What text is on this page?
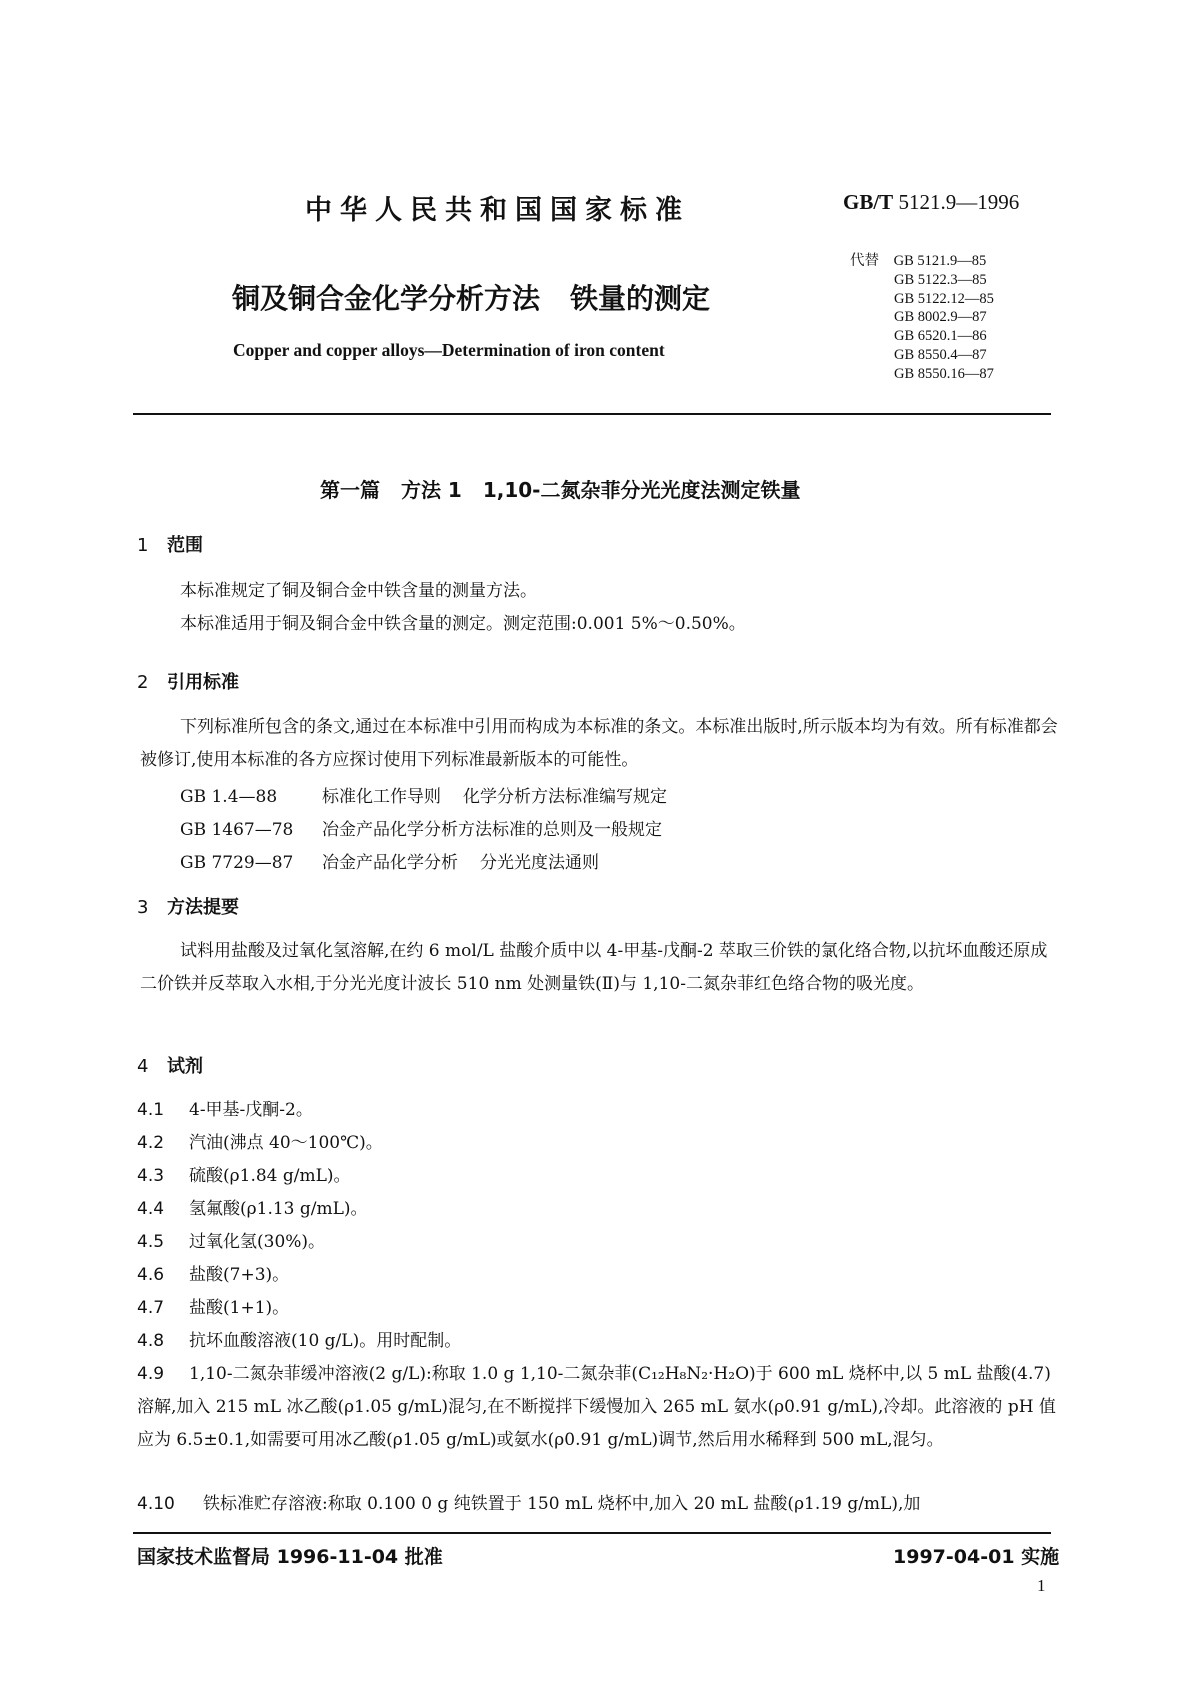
中华人民共和国国家标准	GB/T 5121.9—1996
铜及铜合金化学分析方法 铁量的测定
Copper and copper alloys—Determination of iron content
代替 GB 5121.9—85
GB 5122.3—85
GB 5122.12—85
GB 8002.9—87
GB 6520.1—86
GB 8550.4—87
GB 8550.16—87
第一篇 方法 1 1,10-二氮杂菲分光光度法测定铁量
1 范围
本标准规定了铜及铜合金中铁含量的测量方法。
本标准适用于铜及铜合金中铁含量的测定。测定范围:0.001 5%～0.50%。
2 引用标准
下列标准所包含的条文,通过在本标准中引用而构成为本标准的条文。本标准出版时,所示版本均为有效。所有标准都会被修订,使用本标准的各方应探讨使用下列标准最新版本的可能性。
GB 1.4—88	标准化工作导则 化学分析方法标准编写规定
GB 1467—78 冶金产品化学分析方法标准的总则及一般规定
GB 7729—87 冶金产品化学分析 分光光度法通则
3 方法提要
试料用盐酸及过氧化氢溶解,在约 6 mol/L 盐酸介质中以 4-甲基-戊酮-2 萃取三价铁的氯化络合物,以抗坏血酸还原成二价铁并反萃取入水相,于分光光度计波长 510 nm 处测量铁(Ⅱ)与 1,10-二氮杂菲红色络合物的吸光度。
4 试剂
4.1 4-甲基-戊酮-2。
4.2 汽油(沸点 40～100℃)。
4.3 硫酸(ρ1.84 g/mL)。
4.4 氢氟酸(ρ1.13 g/mL)。
4.5 过氧化氢(30%)。
4.6 盐酸(7+3)。
4.7 盐酸(1+1)。
4.8 抗坏血酸溶液(10 g/L)。用时配制。
4.9 1,10-二氮杂菲缓冲溶液(2 g/L):称取 1.0 g 1,10-二氮杂菲(C₁₂H₈N₂·H₂O)于 600 mL 烧杯中,以 5 mL 盐酸(4.7)溶解,加入 215 mL 冰乙酸(ρ1.05 g/mL)混匀,在不断搅拌下缓慢加入 265 mL 氨水(ρ0.91 g/mL),冷却。此溶液的 pH 值应为 6.5±0.1,如需要可用冰乙酸(ρ1.05 g/mL)或氨水(ρ0.91 g/mL)调节,然后用水稀释到 500 mL,混匀。
4.10 铁标准贮存溶液:称取 0.100 0 g 纯铁置于 150 mL 烧杯中,加入 20 mL 盐酸(ρ1.19 g/mL),加
国家技术监督局 1996-11-04 批准	1997-04-01 实施
1
